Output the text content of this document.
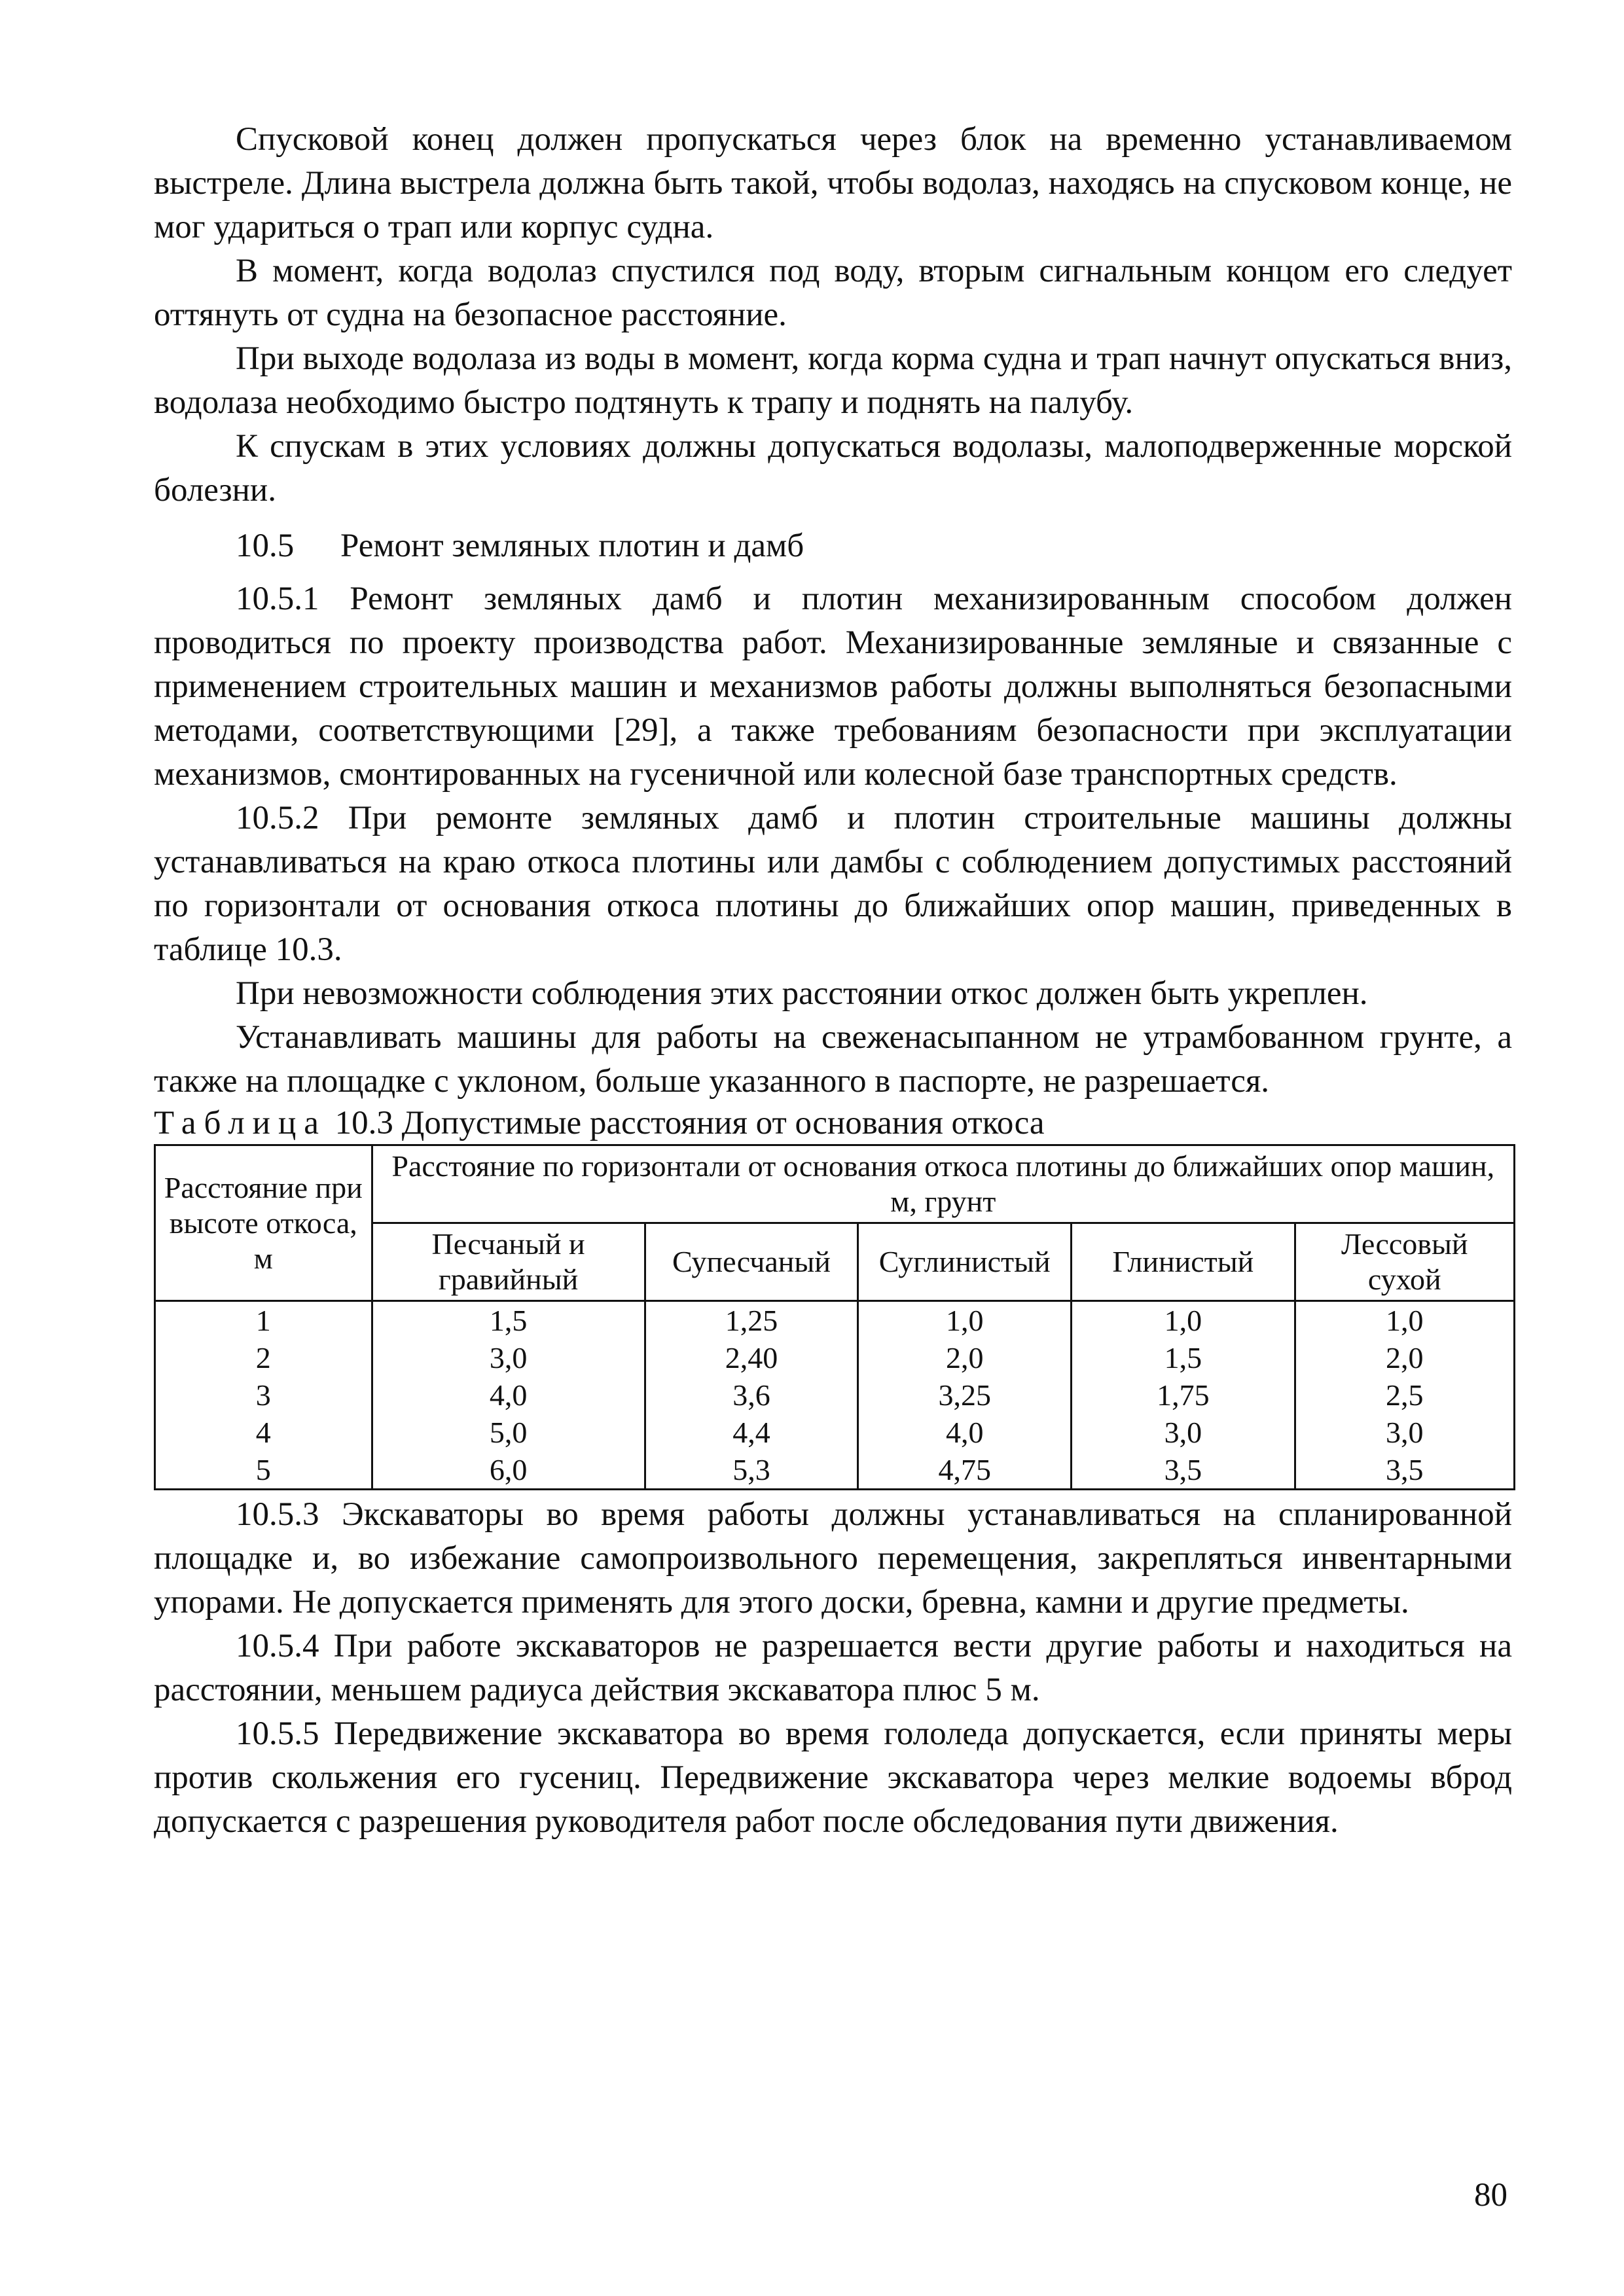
Спусковой конец должен пропускаться через блок на временно устанавливаемом выстреле. Длина выстрела должна быть такой, чтобы водолаз, находясь на спусковом конце, не мог удариться о трап или корпус судна.

В момент, когда водолаз спустился под воду, вторым сигнальным концом его следует оттянуть от судна на безопасное расстояние.

При выходе водолаза из воды в момент, когда корма судна и трап начнут опускаться вниз, водолаза необходимо быстро подтянуть к трапу и поднять на палубу.

К спускам в этих условиях должны допускаться водолазы, малоподверженные морской болезни.

10.5 Ремонт земляных плотин и дамб

10.5.1 Ремонт земляных дамб и плотин механизированным способом должен проводиться по проекту производства работ. Механизированные земляные и связанные с применением строительных машин и механизмов работы должны выполняться безопасными методами, соответствующими [29], а также требованиям безопасности при эксплуатации механизмов, смонтированных на гусеничной или колесной базе транспортных средств.

10.5.2 При ремонте земляных дамб и плотин строительные машины должны устанавливаться на краю откоса плотины или дамбы с соблюдением допустимых расстояний по горизонтали от основания откоса плотины до ближайших опор машин, приведенных в таблице 10.3.

При невозможности соблюдения этих расстоянии откос должен быть укреплен.

Устанавливать машины для работы на свеженасыпанном не утрамбованном грунте, а также на площадке с уклоном, больше указанного в паспорте, не разрешается.

Таблица 10.3 Допустимые расстояния от основания откоса

Расстояние при высоте откоса, м	Расстояние по горизонтали от основания откоса плотины до ближайших опор машин, м, грунт				
	Песчаный и гравийный	Супесчаный	Суглинистый	Глинистый	Лессовый сухой
1	1,5	1,25	1,0	1,0	1,0
2	3,0	2,40	2,0	1,5	2,0
3	4,0	3,6	3,25	1,75	2,5
4	5,0	4,4	4,0	3,0	3,0
5	6,0	5,3	4,75	3,5	3,5

10.5.3 Экскаваторы во время работы должны устанавливаться на спланированной площадке и, во избежание самопроизвольного перемещения, закрепляться инвентарными упорами. Не допускается применять для этого доски, бревна, камни и другие предметы.

10.5.4 При работе экскаваторов не разрешается вести другие работы и находиться на расстоянии, меньшем радиуса действия экскаватора плюс 5 м.

10.5.5 Передвижение экскаватора во время гололеда допускается, если приняты меры против скольжения его гусениц. Передвижение экскаватора через мелкие водоемы вброд допускается с разрешения руководителя работ после обследования пути движения.

80
